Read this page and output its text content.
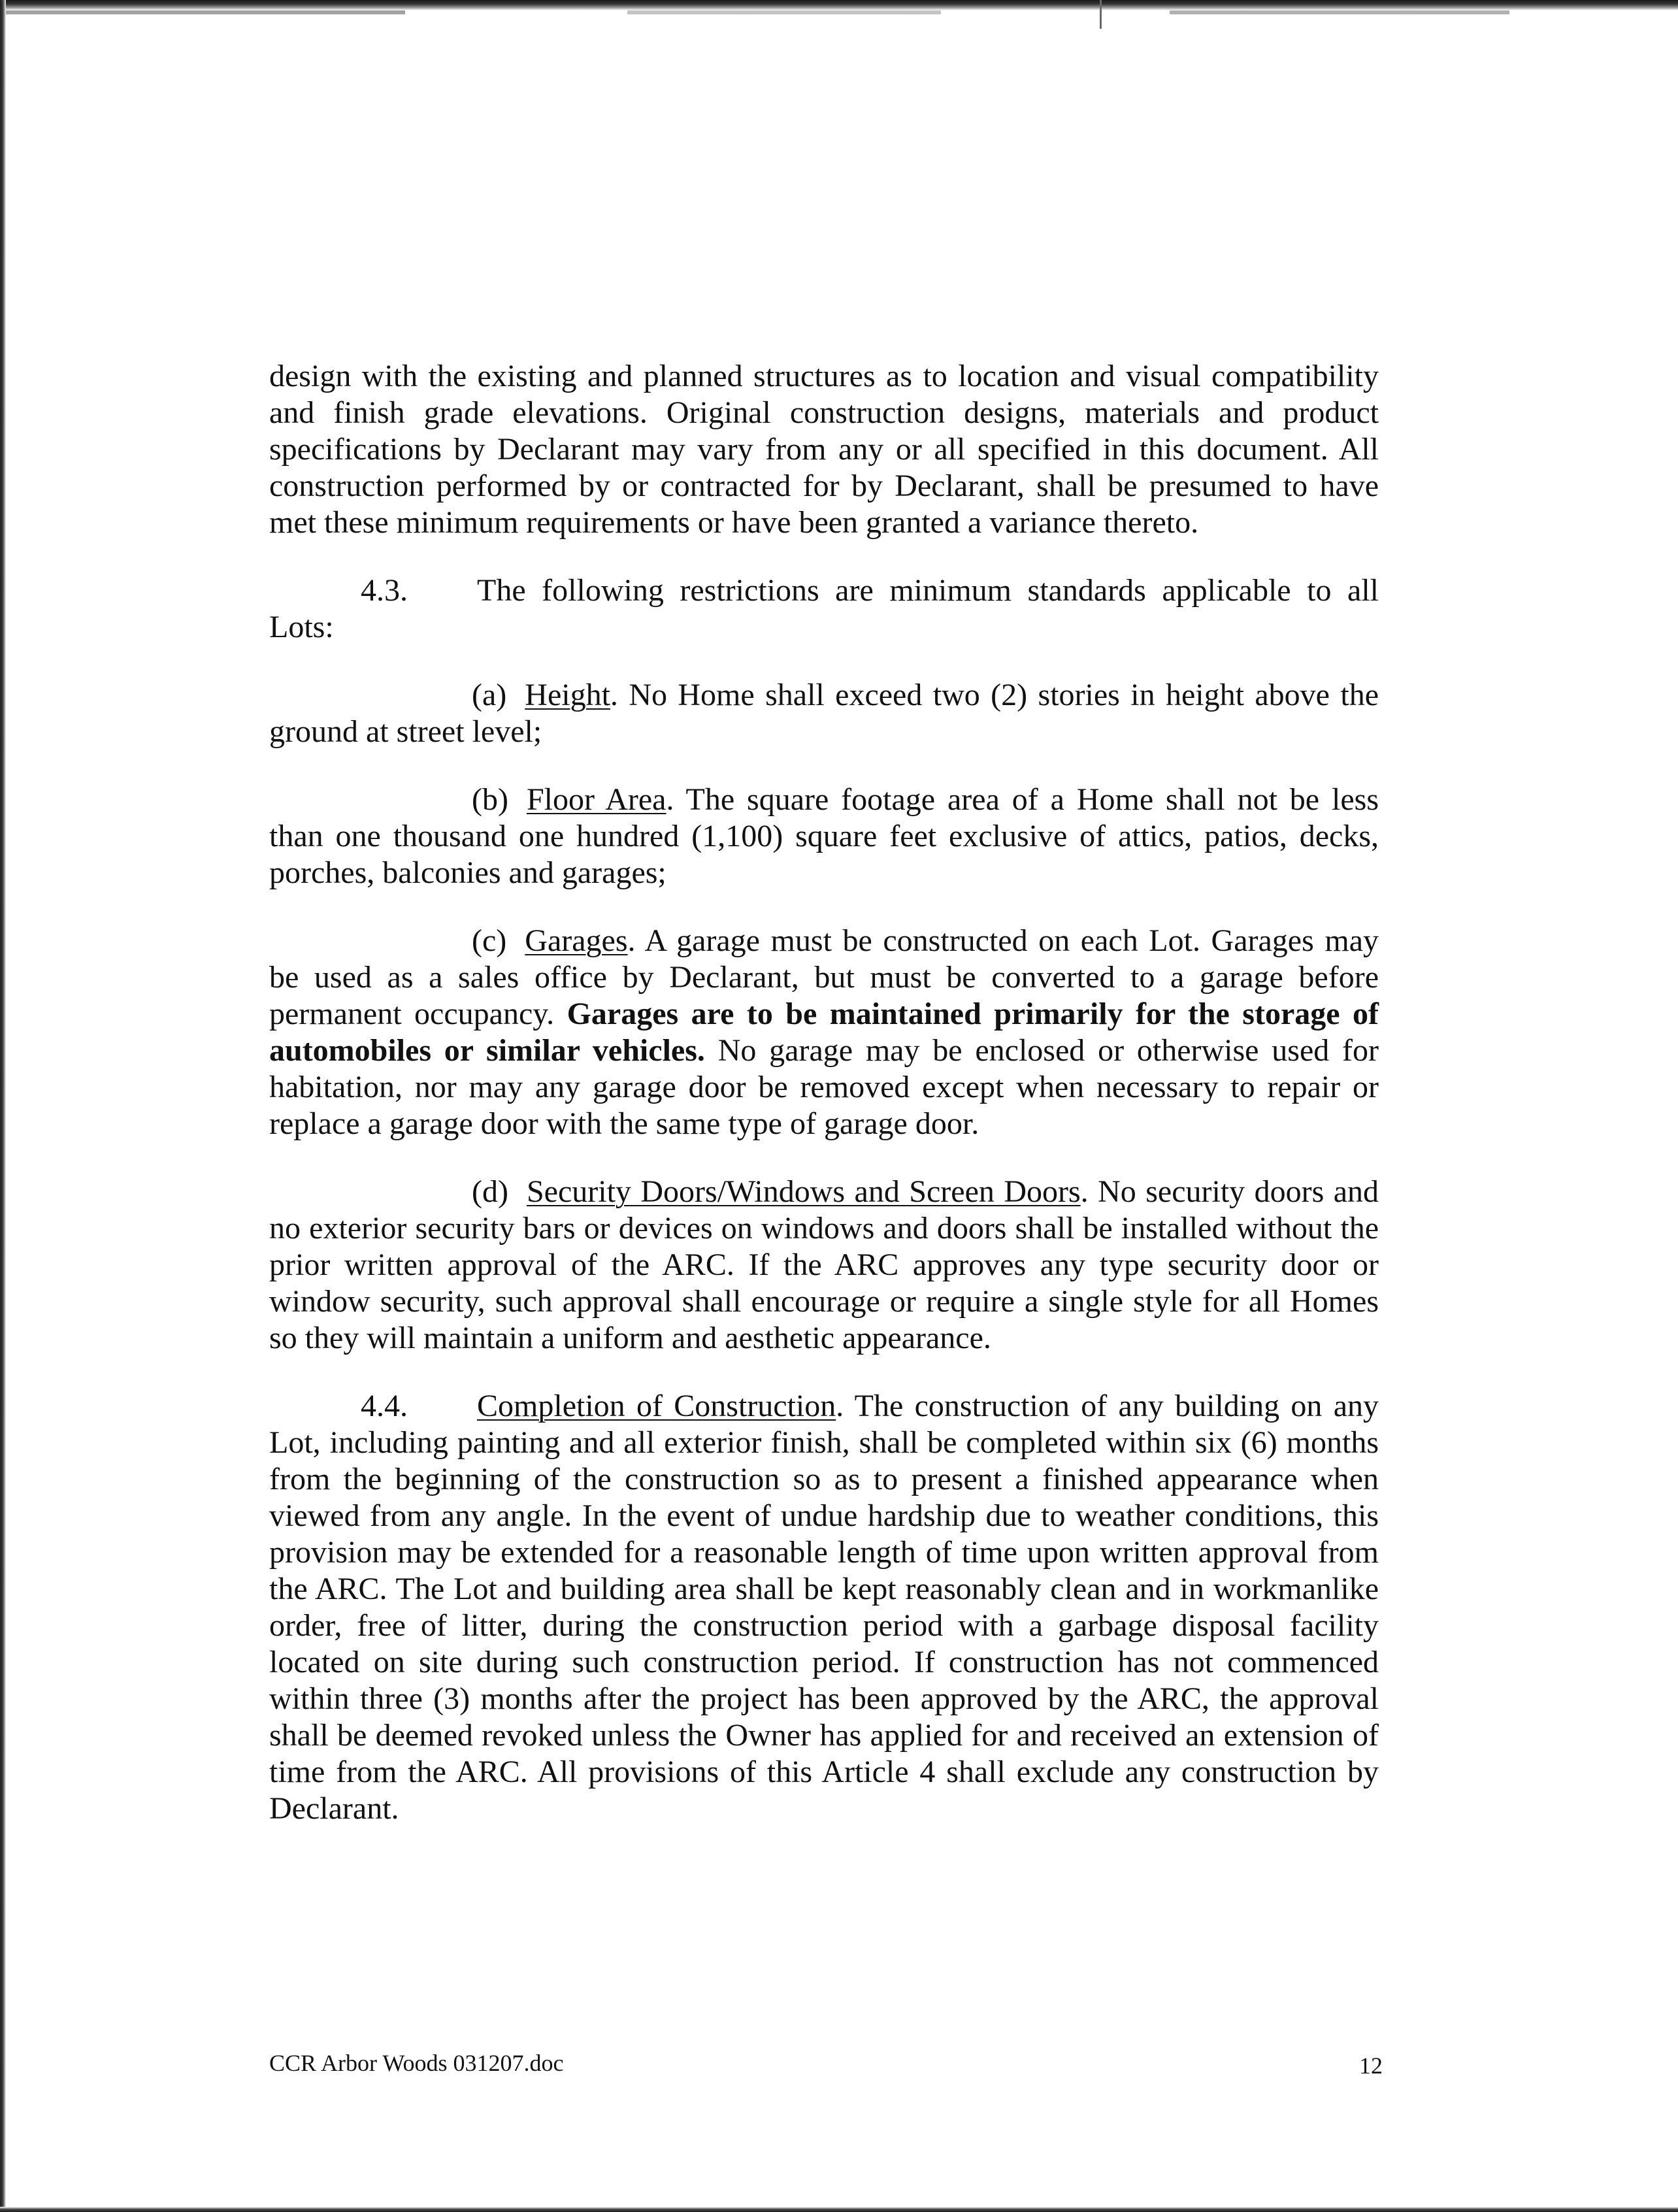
design with the existing and planned structures as to location and visual compatibility and finish grade elevations. Original construction designs, materials and product specifications by Declarant may vary from any or all specified in this document. All construction performed by or contracted for by Declarant, shall be presumed to have met these minimum requirements or have been granted a variance thereto.

4.3. The following restrictions are minimum standards applicable to all Lots:

(a) Height. No Home shall exceed two (2) stories in height above the ground at street level;

(b) Floor Area. The square footage area of a Home shall not be less than one thousand one hundred (1,100) square feet exclusive of attics, patios, decks, porches, balconies and garages;

(c) Garages. A garage must be constructed on each Lot. Garages may be used as a sales office by Declarant, but must be converted to a garage before permanent occupancy. Garages are to be maintained primarily for the storage of automobiles or similar vehicles. No garage may be enclosed or otherwise used for habitation, nor may any garage door be removed except when necessary to repair or replace a garage door with the same type of garage door.

(d) Security Doors/Windows and Screen Doors. No security doors and no exterior security bars or devices on windows and doors shall be installed without the prior written approval of the ARC. If the ARC approves any type security door or window security, such approval shall encourage or require a single style for all Homes so they will maintain a uniform and aesthetic appearance.

4.4. Completion of Construction. The construction of any building on any Lot, including painting and all exterior finish, shall be completed within six (6) months from the beginning of the construction so as to present a finished appearance when viewed from any angle. In the event of undue hardship due to weather conditions, this provision may be extended for a reasonable length of time upon written approval from the ARC. The Lot and building area shall be kept reasonably clean and in workmanlike order, free of litter, during the construction period with a garbage disposal facility located on site during such construction period. If construction has not commenced within three (3) months after the project has been approved by the ARC, the approval shall be deemed revoked unless the Owner has applied for and received an extension of time from the ARC. All provisions of this Article 4 shall exclude any construction by Declarant.

CCR Arbor Woods 031207.doc	12
